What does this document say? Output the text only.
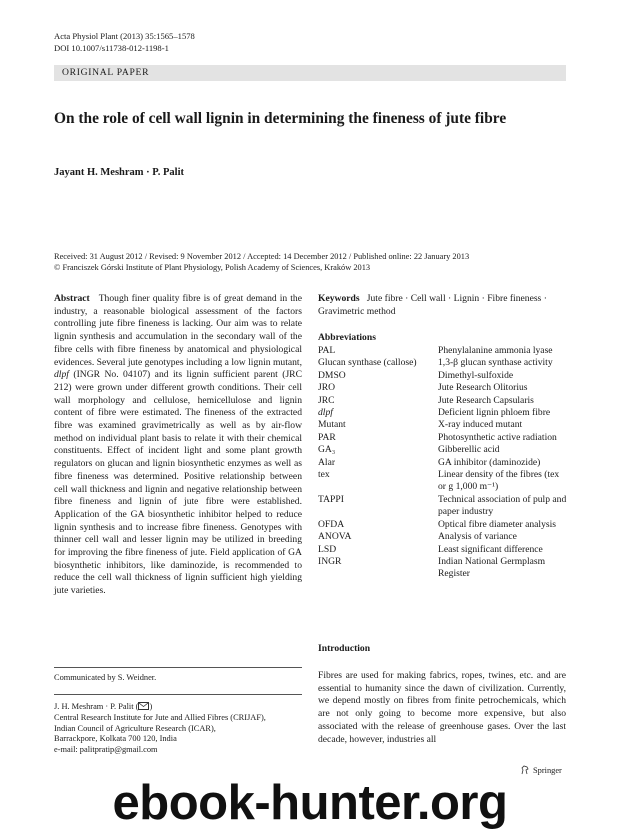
Acta Physiol Plant (2013) 35:1565–1578
DOI 10.1007/s11738-012-1198-1
ORIGINAL PAPER
On the role of cell wall lignin in determining the fineness of jute fibre
Jayant H. Meshram · P. Palit
Received: 31 August 2012 / Revised: 9 November 2012 / Accepted: 14 December 2012 / Published online: 22 January 2013
© Franciszek Górski Institute of Plant Physiology, Polish Academy of Sciences, Kraków 2013
Abstract Though finer quality fibre is of great demand in the industry, a reasonable biological assessment of the factors controlling jute fibre fineness is lacking. Our aim was to relate lignin synthesis and accumulation in the secondary wall of the fibre cells with fibre fineness by anatomical and physiological evidences. Several jute genotypes including a low lignin mutant, dlpf (INGR No. 04107) and its lignin sufficient parent (JRC 212) were grown under different growth conditions. Their cell wall morphology and cellulose, hemicellulose and lignin content of fibre were estimated. The fineness of the extracted fibre was examined gravimetrically as well as by air-flow method on individual plant basis to relate it with their chemical constituents. Effect of incident light and some plant growth regulators on glucan and lignin biosynthetic enzymes as well as fibre fineness was determined. Positive relationship between cell wall thickness and lignin and negative relationship between fibre fineness and lignin of jute fibre were established. Application of the GA biosynthetic inhibitor helped to reduce lignin synthesis and to increase fibre fineness. Genotypes with thinner cell wall and lesser lignin may be utilized in breeding for improving the fibre fineness of jute. Field application of GA biosynthetic inhibitors, like daminozide, is recommended to reduce the cell wall thickness of lignin sufficient high yielding jute varieties.
Keywords Jute fibre · Cell wall · Lignin · Fibre fineness · Gravimetric method
Abbreviations
PAL	Phenylalanine ammonia lyase
Glucan synthase (callose)	1,3-β glucan synthase activity
DMSO	Dimethyl-sulfoxide
JRO	Jute Research Olitorius
JRC	Jute Research Capsularis
dlpf	Deficient lignin phloem fibre
Mutant	X-ray induced mutant
PAR	Photosynthetic active radiation
GA₃	Gibberellic acid
Alar	GA inhibitor (daminozide)
tex	Linear density of the fibres (tex or g 1,000 m⁻¹)
TAPPI	Technical association of pulp and paper industry
OFDA	Optical fibre diameter analysis
ANOVA	Analysis of variance
LSD	Least significant difference
INGR	Indian National Germplasm Register
Introduction
Fibres are used for making fabrics, ropes, twines, etc. and are essential to humanity since the dawn of civilization. Currently, we depend mostly on fibres from finite petrochemicals, which are not only going to become more expensive, but also associated with the release of greenhouse gases. Over the last decade, however, industries all
Communicated by S. Weidner.
J. H. Meshram · P. Palit ( )
Central Research Institute for Jute and Allied Fibres (CRIJAF),
Indian Council of Agriculture Research (ICAR),
Barrackpore, Kolkata 700 120, India
e-mail: palitpratip@gmail.com
Springer
ebook-hunter.org
